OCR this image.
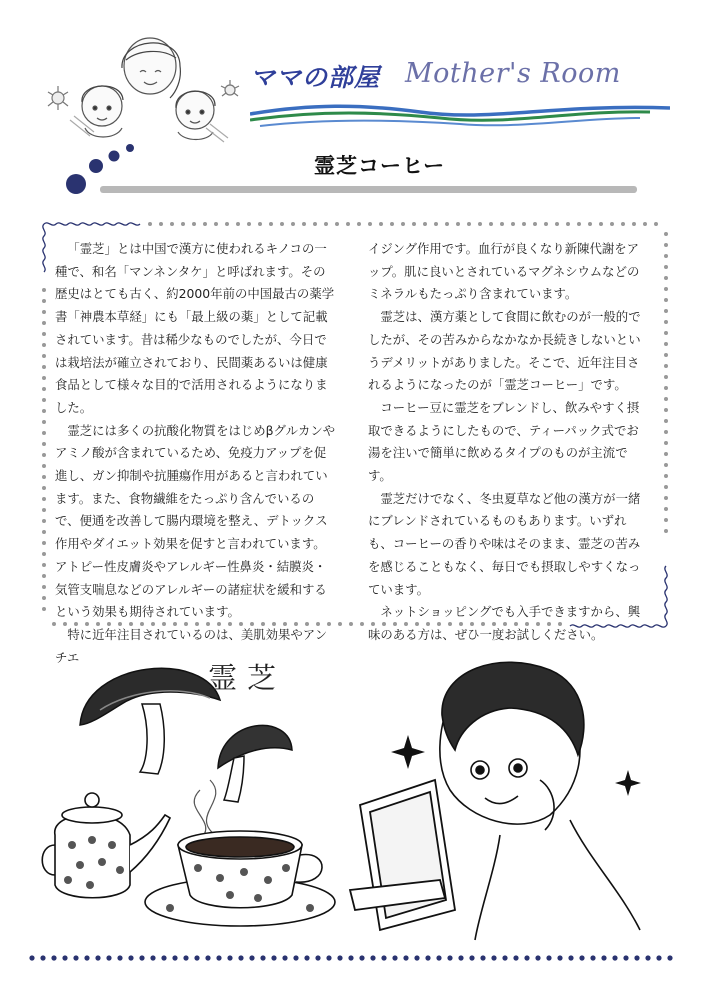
ママの部屋 Mother's Room
霊芝コーヒー

「霊芝」とは中国で漢方に使われるキノコの一種で、和名「マンネンタケ」と呼ばれます。その歴史はとても古く、約2000年前の中国最古の薬学書「神農本草経」にも「最上級の薬」として記載されています。昔は稀少なものでしたが、今日では栽培法が確立されており、民間薬あるいは健康食品として様々な目的で活用されるようになりました。

霊芝には多くの抗酸化物質をはじめβグルカンやアミノ酸が含まれているため、免疫力アップを促進し、ガン抑制や抗腫瘍作用があると言われています。また、食物繊維をたっぷり含んでいるので、便通を改善して腸内環境を整え、デトックス作用やダイエット効果を促すと言われています。アトピー性皮膚炎やアレルギー性鼻炎・結膜炎・気管支喘息などのアレルギーの諸症状を緩和するという効果も期待されています。

特に近年注目されているのは、美肌効果やアンチエ

イジング作用です。血行が良くなり新陳代謝をアップ。肌に良いとされているマグネシウムなどのミネラルもたっぷり含まれています。

霊芝は、漢方薬として食間に飲むのが一般的でしたが、その苦みからなかなか長続きしないというデメリットがありました。そこで、近年注目されるようになったのが「霊芝コーヒー」です。

コーヒー豆に霊芝をブレンドし、飲みやすく摂取できるようにしたもので、ティーパック式でお湯を注いで簡単に飲めるタイプのものが主流です。

霊芝だけでなく、冬虫夏草など他の漢方が一緒にブレンドされているものもあります。いずれも、コーヒーの香りや味はそのまま、霊芝の苦みを感じることもなく、毎日でも摂取しやすくなっています。

ネットショッピングでも入手できますから、興味のある方は、ぜひ一度お試しください。

霊芝
